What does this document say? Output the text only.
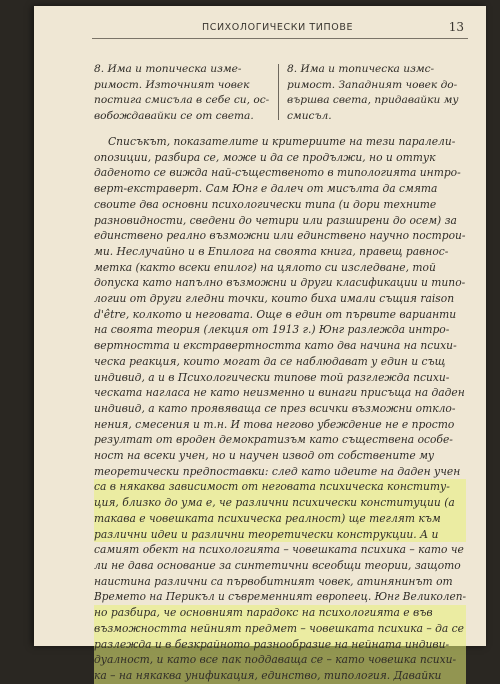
ПСИХОЛОГИЧЕСКИ ТИПОВЕ	13
8. Има и топическа изме-
римост. Източният човек
постига смисъла в себе си, ос-
вобождавайки се от света.
8. Има и топическа измс-
римост. Западният човек до-
вършва света, придавайки му
смисъл.
Списъкът, показателите и критериите на тези паралели-
опозиции, разбира се, може и да се продължи, но и оттук
даденото се вижда най-същественото в типологията интро-
верт-екстраверт. Сам Юнг е далеч от мисълта да смята
своите два основни психологически типа (и дори техните
разновидности, сведени до четири или разширени до осем) за
единствено реално възможни или единствено научно построи-
ми. Неслучайно и в Епилога на своята книга, правещ равнос-
метка (както всеки епилог) на цялото си изследване, той
допуска като напълно възможни и други класификации и типо-
логии от други гледни точки, които биха имали същия raison
d'être, колкото и неговата. Още в един от първите варианти
на своята теория (лекция от 1913 г.) Юнг разлежда интро-
вертността и екстравертността като два начина на психи-
ческа реакция, които могат да се наблюдават у един и същ
индивид, а и в Психологически типове той разглежда психи-
ческата нагласа не като неизменно и винаги присъща на даден
индивид, а като проявяваща се през всички възможни откло-
нения, смесения и т.н. И това негово убеждение не е просто
резултат от вроден демократизъм като съществена особе-
ност на всеки учен, но и научен извод от собствените му
теоретически предпоставки: след като идеите на даден учен
са в някаква зависимост от неговата психическа конститу-
ция, близко до ума е, че различни психически конституции (а
такава е човешката психическа реалност) ще теглят към
различни идеи и различни теоретически конструкции. А и
самият обект на психологията – човешката психика – като че
ли не дава основание за синтетични всеобщи теории, защото
наистина различни са първобитният човек, атинянинът от
Времето на Перикъл и съвременният европеец. Юнг Великолеп-
но разбира, че основният парадокс на психологията е във
възможността нейният предмет – човешката психика – да се
разлежда и в безкрайното разнообразие на нейната индиви-
дуалност, и като все пак поддаваща се – като човешка психи-
ка – на някаква унификация, единство, типология. Давайки
